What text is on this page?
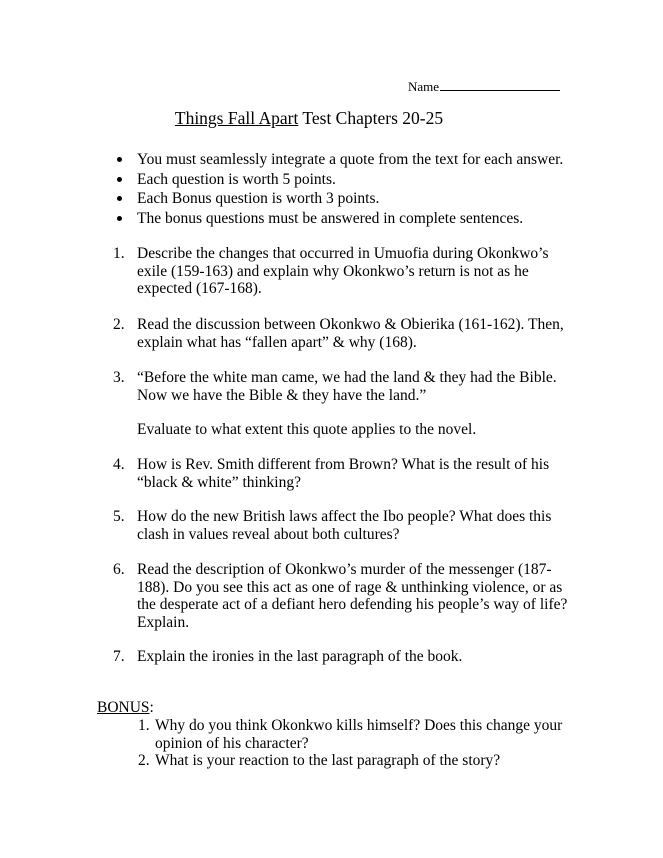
Name
Things Fall Apart Test Chapters 20-25
You must seamlessly integrate a quote from the text for each answer.
Each question is worth 5 points.
Each Bonus question is worth 3 points.
The bonus questions must be answered in complete sentences.
1. Describe the changes that occurred in Umuofia during Okonkwo’s exile (159-163) and explain why Okonkwo’s return is not as he expected (167-168).
2. Read the discussion between Okonkwo & Obierika (161-162). Then, explain what has “fallen apart” & why (168).
3. “Before the white man came, we had the land & they had the Bible. Now we have the Bible & they have the land.”
Evaluate to what extent this quote applies to the novel.
4. How is Rev. Smith different from Brown? What is the result of his “black & white” thinking?
5. How do the new British laws affect the Ibo people? What does this clash in values reveal about both cultures?
6. Read the description of Okonkwo’s murder of the messenger (187-188). Do you see this act as one of rage & unthinking violence, or as the desperate act of a defiant hero defending his people’s way of life? Explain.
7. Explain the ironies in the last paragraph of the book.
BONUS:
1. Why do you think Okonkwo kills himself? Does this change your opinion of his character?
2. What is your reaction to the last paragraph of the story?
